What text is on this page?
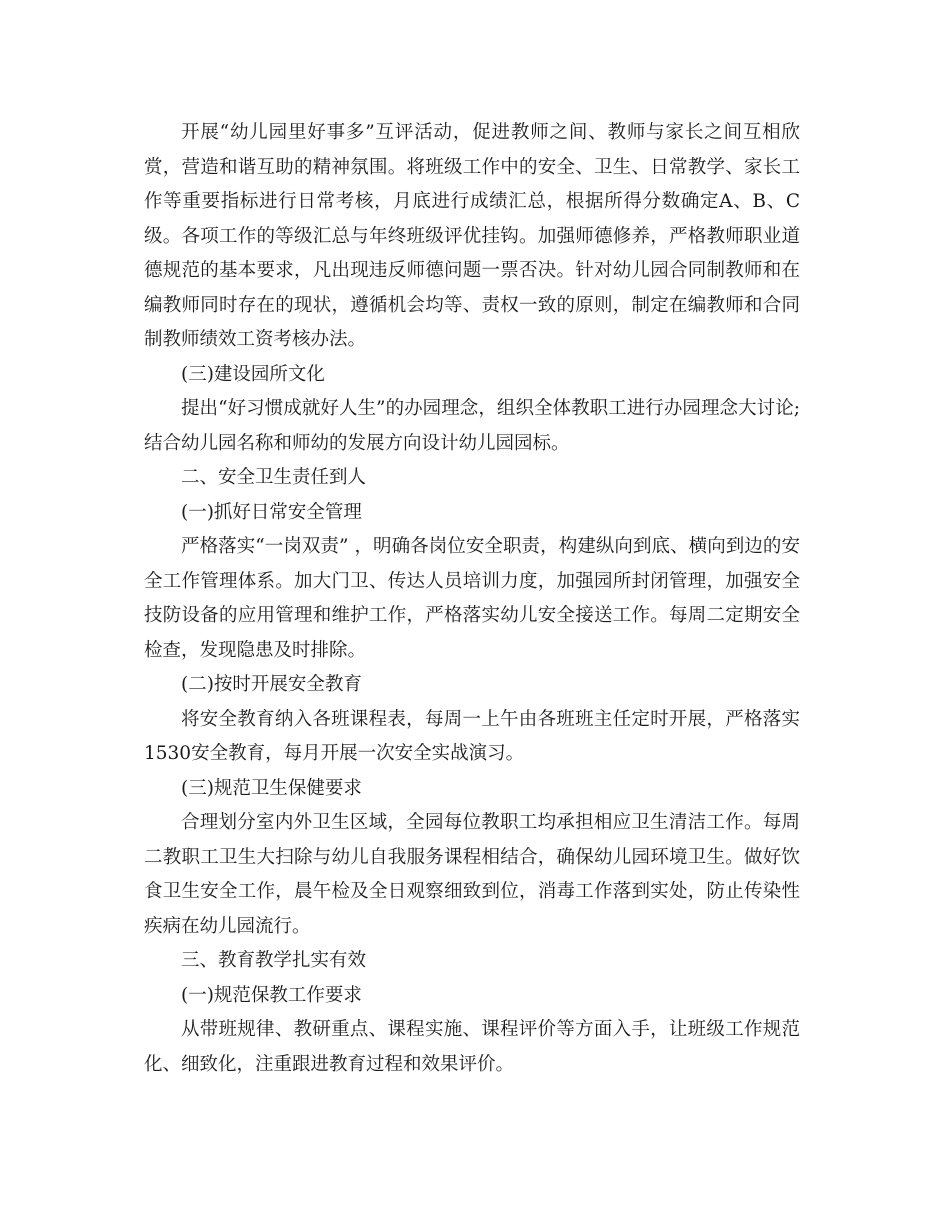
开展“幼儿园里好事多”互评活动，促进教师之间、教师与家长之间互相欣赏，营造和谐互助的精神氛围。将班级工作中的安全、卫生、日常教学、家长工作等重要指标进行日常考核，月底进行成绩汇总，根据所得分数确定A、B、C级。各项工作的等级汇总与年终班级评优挂钩。加强师德修养，严格教师职业道德规范的基本要求，凡出现违反师德问题一票否决。针对幼儿园合同制教师和在编教师同时存在的现状，遵循机会均等、责权一致的原则，制定在编教师和合同制教师绩效工资考核办法。

(三)建设园所文化

提出“好习惯成就好人生”的办园理念，组织全体教职工进行办园理念大讨论;结合幼儿园名称和师幼的发展方向设计幼儿园园标。

二、安全卫生责任到人

(一)抓好日常安全管理

严格落实“一岗双责” ，明确各岗位安全职责，构建纵向到底、横向到边的安全工作管理体系。加大门卫、传达人员培训力度，加强园所封闭管理，加强安全技防设备的应用管理和维护工作，严格落实幼儿安全接送工作。每周二定期安全检查，发现隐患及时排除。

(二)按时开展安全教育

将安全教育纳入各班课程表，每周一上午由各班班主任定时开展，严格落实1530安全教育，每月开展一次安全实战演习。

(三)规范卫生保健要求

合理划分室内外卫生区域，全园每位教职工均承担相应卫生清洁工作。每周二教职工卫生大扫除与幼儿自我服务课程相结合，确保幼儿园环境卫生。做好饮食卫生安全工作，晨午检及全日观察细致到位，消毒工作落到实处，防止传染性疾病在幼儿园流行。

三、教育教学扎实有效

(一)规范保教工作要求

从带班规律、教研重点、课程实施、课程评价等方面入手，让班级工作规范化、细致化，注重跟进教育过程和效果评价。
